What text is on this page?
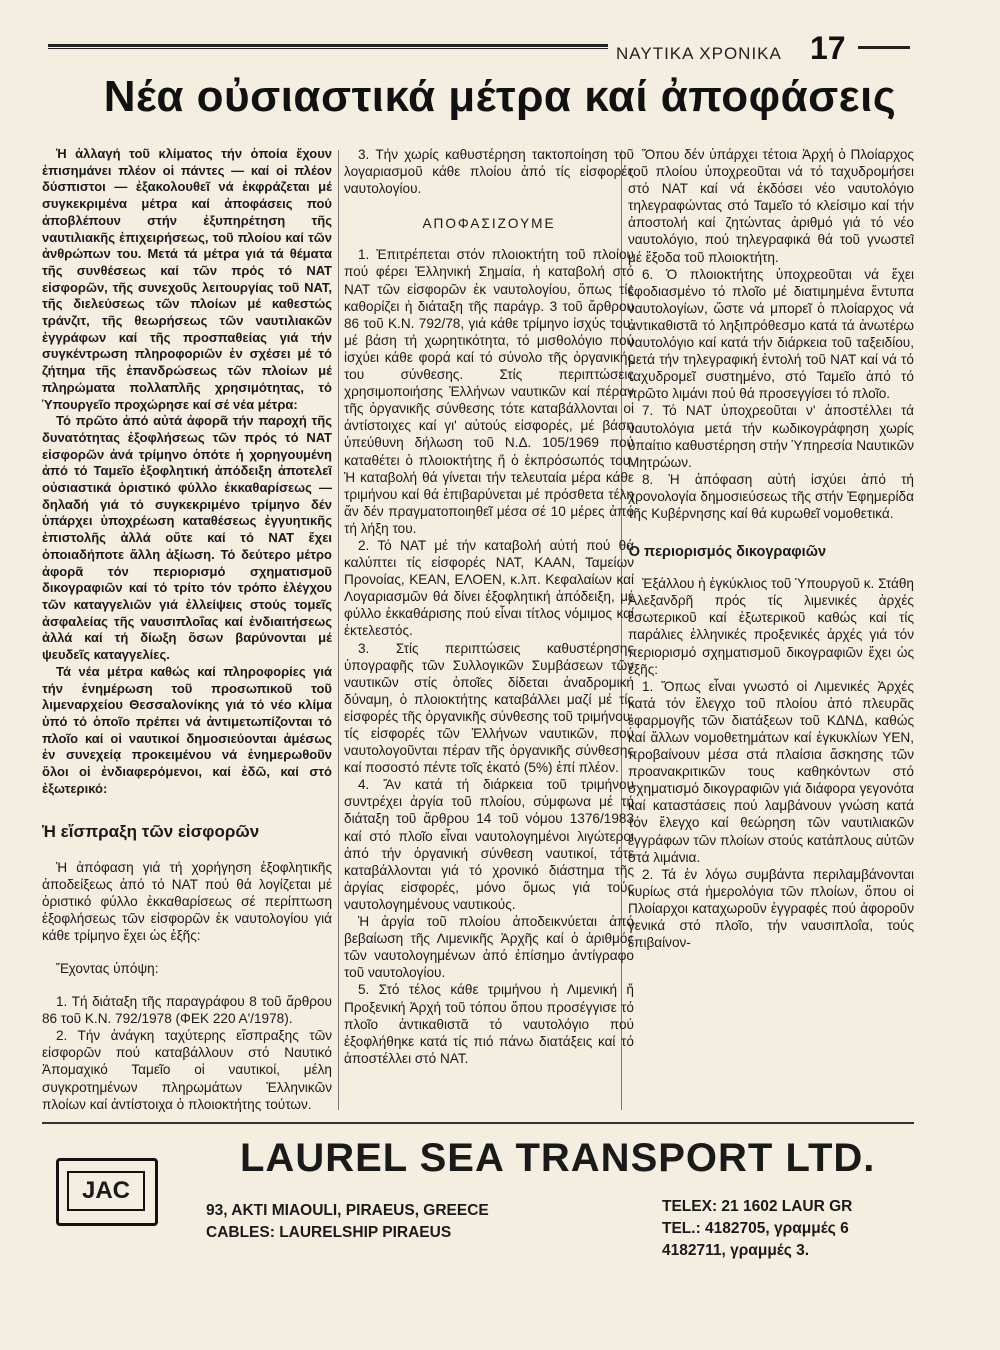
ΝΑΥΤΙΚΑ ΧΡΟΝΙΚΑ 17
Νέα οὐσιαστικά μέτρα καί ἀποφάσεις

Ἡ ἀλλαγή τοῦ κλίματος τήν ὁποία ἔχουν ἐπισημάνει πλέον οἱ πάντες — καί οἱ πλέον δύσπιστοι — ἐξακολουθεῖ νά ἐκφράζεται μέ συγκεκριμένα μέτρα καί ἀποφάσεις πού ἀποβλέπουν στήν ἐξυπηρέτηση τῆς ναυτιλιακῆς ἐπιχειρήσεως, τοῦ πλοίου καί τῶν ἀνθρώπων του. Μετά τά μέτρα γιά τά θέματα τῆς συνθέσεως καί τῶν πρός τό ΝΑΤ εἰσφορῶν, τῆς συνεχοῦς λειτουργίας τοῦ ΝΑΤ, τῆς διελεύσεως τῶν πλοίων μέ καθεστώς τράνζιτ, τῆς θεωρήσεως τῶν ναυτιλιακῶν ἐγγράφων καί τῆς προσπαθείας γιά τήν συγκέντρωση πληροφοριῶν ἐν σχέσει μέ τό ζήτημα τῆς ἐπανδρώσεως τῶν πλοίων μέ πληρώματα πολλαπλῆς χρησιμότητας, τό Ὑπουργεῖο προχώρησε καί σέ νέα μέτρα:

Τό πρῶτο ἀπό αὐτά ἀφορᾶ τήν παροχή τῆς δυνατότητας ἐξοφλήσεως τῶν πρός τό ΝΑΤ εἰσφορῶν ἀνά τρίμηνο ὁπότε ἡ χορηγουμένη ἀπό τό Ταμεῖο ἐξοφλητική ἀπόδειξη ἀποτελεῖ οὐσιαστικά ὁριστικό φύλλο ἐκκαθαρίσεως — δηλαδή γιά τό συγκεκριμένο τρίμηνο δέν ὑπάρχει ὑποχρέωση καταθέσεως ἐγγυητικῆς ἐπιστολῆς ἀλλά οὔτε καί τό ΝΑΤ ἔχει ὁποιαδήποτε ἄλλη ἀξίωση. Τό δεύτερο μέτρο ἀφορᾶ τόν περιορισμό σχηματισμοῦ δικογραφιῶν καί τό τρίτο τόν τρόπο ἐλέγχου τῶν καταγγελιῶν γιά ἐλλείψεις στούς τομεῖς ἀσφαλείας τῆς ναυσιπλοΐας καί ἐνδιαιτήσεως ἀλλά καί τή δίωξη ὅσων βαρύνονται μέ ψευδεῖς καταγγελίες.

Τά νέα μέτρα καθώς καί πληροφορίες γιά τήν ἐνημέρωση τοῦ προσωπικοῦ τοῦ λιμεναρχείου Θεσσαλονίκης γιά τό νέο κλίμα ὑπό τό ὁποῖο πρέπει νά ἀντιμετωπίζονται τό πλοῖο καί οἱ ναυτικοί δημοσιεύονται ἀμέσως ἐν συνεχείᾳ προκειμένου νά ἐνημερωθοῦν ὅλοι οἱ ἐνδιαφερόμενοι, καί ἐδῶ, καί στό ἐξωτερικό:

Ἡ εἴσπραξη τῶν εἰσφορῶν

Ἡ ἀπόφαση γιά τή χορήγηση ἐξοφλητικῆς ἀποδείξεως ἀπό τό ΝΑΤ πού θά λογίζεται μέ ὁριστικό φύλλο ἐκκαθαρίσεως σέ περίπτωση ἐξοφλήσεως τῶν εἰσφορῶν ἐκ ναυτολογίου γιά κάθε τρίμηνο ἔχει ὡς ἑξῆς:

Ἔχοντας ὑπόψη:

1. Τή διάταξη τῆς παραγράφου 8 τοῦ ἄρθρου 86 τοῦ Κ.Ν. 792/1978 (ΦΕΚ 220 Α'/1978).

2. Τήν ἀνάγκη ταχύτερης εἴσπραξης τῶν εἰσφορῶν πού καταβάλλουν στό Ναυτικό Ἀπομαχικό Ταμεῖο οἱ ναυτικοί, μέλη συγκροτημένων πληρωμάτων Ἑλληνικῶν πλοίων καί ἀντίστοιχα ὁ πλοιοκτήτης τούτων.

3. Τήν χωρίς καθυστέρηση τακτοποίηση τοῦ λογαριασμοῦ κάθε πλοίου ἀπό τίς εἰσφορές ναυτολογίου.

ΑΠΟΦΑΣΙΖΟΥΜΕ

1. Ἐπιτρέπεται στόν πλοιοκτήτη τοῦ πλοίου πού φέρει Ἑλληνική Σημαία, ἡ καταβολή στό ΝΑΤ τῶν εἰσφορῶν ἐκ ναυτολογίου, ὅπως τίς καθορίζει ἡ διάταξη τῆς παράγρ. 3 τοῦ ἄρθρου 86 τοῦ Κ.Ν. 792/78, γιά κάθε τρίμηνο ἰσχύς του, μέ βάση τή χωρητικότητα, τό μισθολόγιο πού ἰσχύει κάθε φορά καί τό σύνολο τῆς ὀργανικής του σύνθεσης. Στίς περιπτώσεις χρησιμοποιήσης Ἑλλήνων ναυτικῶν καί πέραν τῆς ὀργανικῆς σύνθεσης τότε καταβάλλονται οἱ ἀντίστοιχες καί γι' αὐτούς εἰσφορές, μέ βάση ὑπεύθυνη δήλωση τοῦ Ν.Δ. 105/1969 πού καταθέτει ὁ πλοιοκτήτης ἤ ὁ ἐκπρόσωπός του. Ἡ καταβολή θά γίνεται τήν τελευταία μέρα κάθε τριμήνου καί θά ἐπιβαρύνεται μέ πρόσθετα τέλη ἄν δέν πραγματοποιηθεῖ μέσα σέ 10 μέρες ἀπό τή λήξη του.

2. Τό ΝΑΤ μέ τήν καταβολή αὐτή πού θά καλύπτει τίς εἰσφορές ΝΑΤ, ΚΑΑΝ, Ταμείων Προνοίας, ΚΕΑΝ, ΕΛΟΕΝ, κ.λπ. Κεφαλαίων καί Λογαριασμῶν θά δίνει ἐξοφλητική ἀπόδειξη, μέ φύλλο ἐκκαθάρισης πού εἶναι τίτλος νόμιμος καί ἐκτελεστός.

3. Στίς περιπτώσεις καθυστέρησης ὑπογραφῆς τῶν Συλλογικῶν Συμβάσεων τῶν ναυτικῶν στίς ὁποῖες δίδεται ἀναδρομική δύναμη, ὁ πλοιοκτήτης καταβάλλει μαζί μέ τίς εἰσφορές τῆς ὀργανικῆς σύνθεσης τοῦ τριμήνου, τίς εἰσφορές τῶν Ἑλλήνων ναυτικῶν, πού ναυτολογοῦνται πέραν τῆς ὀργανικῆς σύνθεσης καί ποσοστό πέντε τοῖς ἑκατό (5%) ἐπί πλέον.

4. Ἄν κατά τή διάρκεια τοῦ τριμήνου συντρέχει ἀργία τοῦ πλοίου, σύμφωνα μέ τή διάταξη τοῦ ἄρθρου 14 τοῦ νόμου 1376/1983 καί στό πλοῖο εἶναι ναυτολογημένοι λιγώτεροι ἀπό τήν ὀργανική σύνθεση ναυτικοί, τότε καταβάλλονται γιά τό χρονικό διάστημα τῆς ἀργίας εἰσφορές, μόνο ὅμως γιά τούς ναυτολογημένους ναυτικούς.

Ἡ ἀργία τοῦ πλοίου ἀποδεικνύεται ἀπό βεβαίωση τῆς Λιμενικῆς Ἀρχῆς καί ὁ ἀριθμός τῶν ναυτολογημένων ἀπό ἐπίσημο ἀντίγραφο τοῦ ναυτολογίου.

5. Στό τέλος κάθε τριμήνου ἡ Λιμενική ἤ Προξενική Ἀρχή τοῦ τόπου ὅπου προσέγγισε τό πλοῖο ἀντικαθιστᾶ τό ναυτολόγιο πού ἐξοφλήθηκε κατά τίς πιό πάνω διατάξεις καί τό ἀποστέλλει στό ΝΑΤ.

Ὅπου δέν ὑπάρχει τέτοια Ἀρχή ὁ Πλοίαρχος τοῦ πλοίου ὑποχρεοῦται νά τό ταχυδρομήσει στό ΝΑΤ καί νά ἐκδόσει νέο ναυτολόγιο τηλεγραφώντας στό Ταμεῖο τό κλείσιμο καί τήν ἀποστολή καί ζητώντας ἀριθμό γιά τό νέο ναυτολόγιο, πού τηλεγραφικά θά τοῦ γνωστεῖ μέ ἔξοδα τοῦ πλοιοκτήτη.

6. Ὁ πλοιοκτήτης ὑποχρεοῦται νά ἔχει ἐφοδιασμένο τό πλοῖο μέ διατιμημένα ἔντυπα ναυτολογίων, ὥστε νά μπορεῖ ὁ πλοίαρχος νά ἀντικαθιστᾶ τό ληξιπρόθεσμο κατά τά ἀνωτέρω ναυτολόγιο καί κατά τήν διάρκεια τοῦ ταξειδίου, μετά τήν τηλεγραφική ἐντολή τοῦ ΝΑΤ καί νά τό ταχυδρομεῖ συστημένο, στό Ταμεῖο ἀπό τό πρῶτο λιμάνι πού θά προσεγγίσει τό πλοῖο.

7. Τό ΝΑΤ ὑποχρεοῦται ν' ἀποστέλλει τά ναυτολόγια μετά τήν κωδικογράφηση χωρίς ὑπαίτιο καθυστέρηση στήν Ὑπηρεσία Ναυτικῶν Μητρώων.

8. Ἡ ἀπόφαση αὐτή ἰσχύει ἀπό τή χρονολογία δημοσιεύσεως τῆς στήν Ἐφημερίδα τῆς Κυβέρνησης καί θά κυρωθεῖ νομοθετικά.

Ὁ περιορισμός δικογραφιῶν

Ἐξάλλου ἡ ἐγκύκλιος τοῦ Ὑπουργοῦ κ. Στάθη Ἀλεξανδρῆ πρός τίς λιμενικές ἀρχές ἐσωτερικοῦ καί ἐξωτερικοῦ καθώς καί τίς παράλιες ἑλληνικές προξενικές ἀρχές γιά τόν περιορισμό σχηματισμοῦ δικογραφιῶν ἔχει ὡς ἑξῆς:

1. Ὅπως εἶναι γνωστό οἱ Λιμενικές Ἀρχές κατά τόν ἔλεγχο τοῦ πλοίου ἀπό πλευρᾶς ἐφαρμογῆς τῶν διατάξεων τοῦ ΚΔΝΔ, καθώς καί ἄλλων νομοθετημάτων καί ἐγκυκλίων ΥΕΝ, προβαίνουν μέσα στά πλαίσια ἄσκησης τῶν προανακριτικῶν τους καθηκόντων στό σχηματισμό δικογραφιῶν γιά διάφορα γεγονότα καί καταστάσεις πού λαμβάνουν γνώση κατά τόν ἔλεγχο καί θεώρηση τῶν ναυτιλιακῶν ἐγγράφων τῶν πλοίων στούς κατάπλους αὐτῶν στά λιμάνια.

2. Τά ἐν λόγω συμβάντα περιλαμβάνονται κυρίως στά ἡμερολόγια τῶν πλοίων, ὅπου οἱ Πλοίαρχοι καταχωροῦν ἐγγραφές πού ἀφοροῦν γενικά στό πλοῖο, τήν ναυσιπλοΐα, τούς ἐπιβαίνον-

JAC
LAUREL SEA TRANSPORT LTD.
93, AKTI MIAOULI, PIRAEUS, GREECE
CABLES: LAURELSHIP PIRAEUS
TELEX: 21 1602 LAUR GR
TEL.: 4182705, γραμμές 6
4182711, γραμμές 3.
